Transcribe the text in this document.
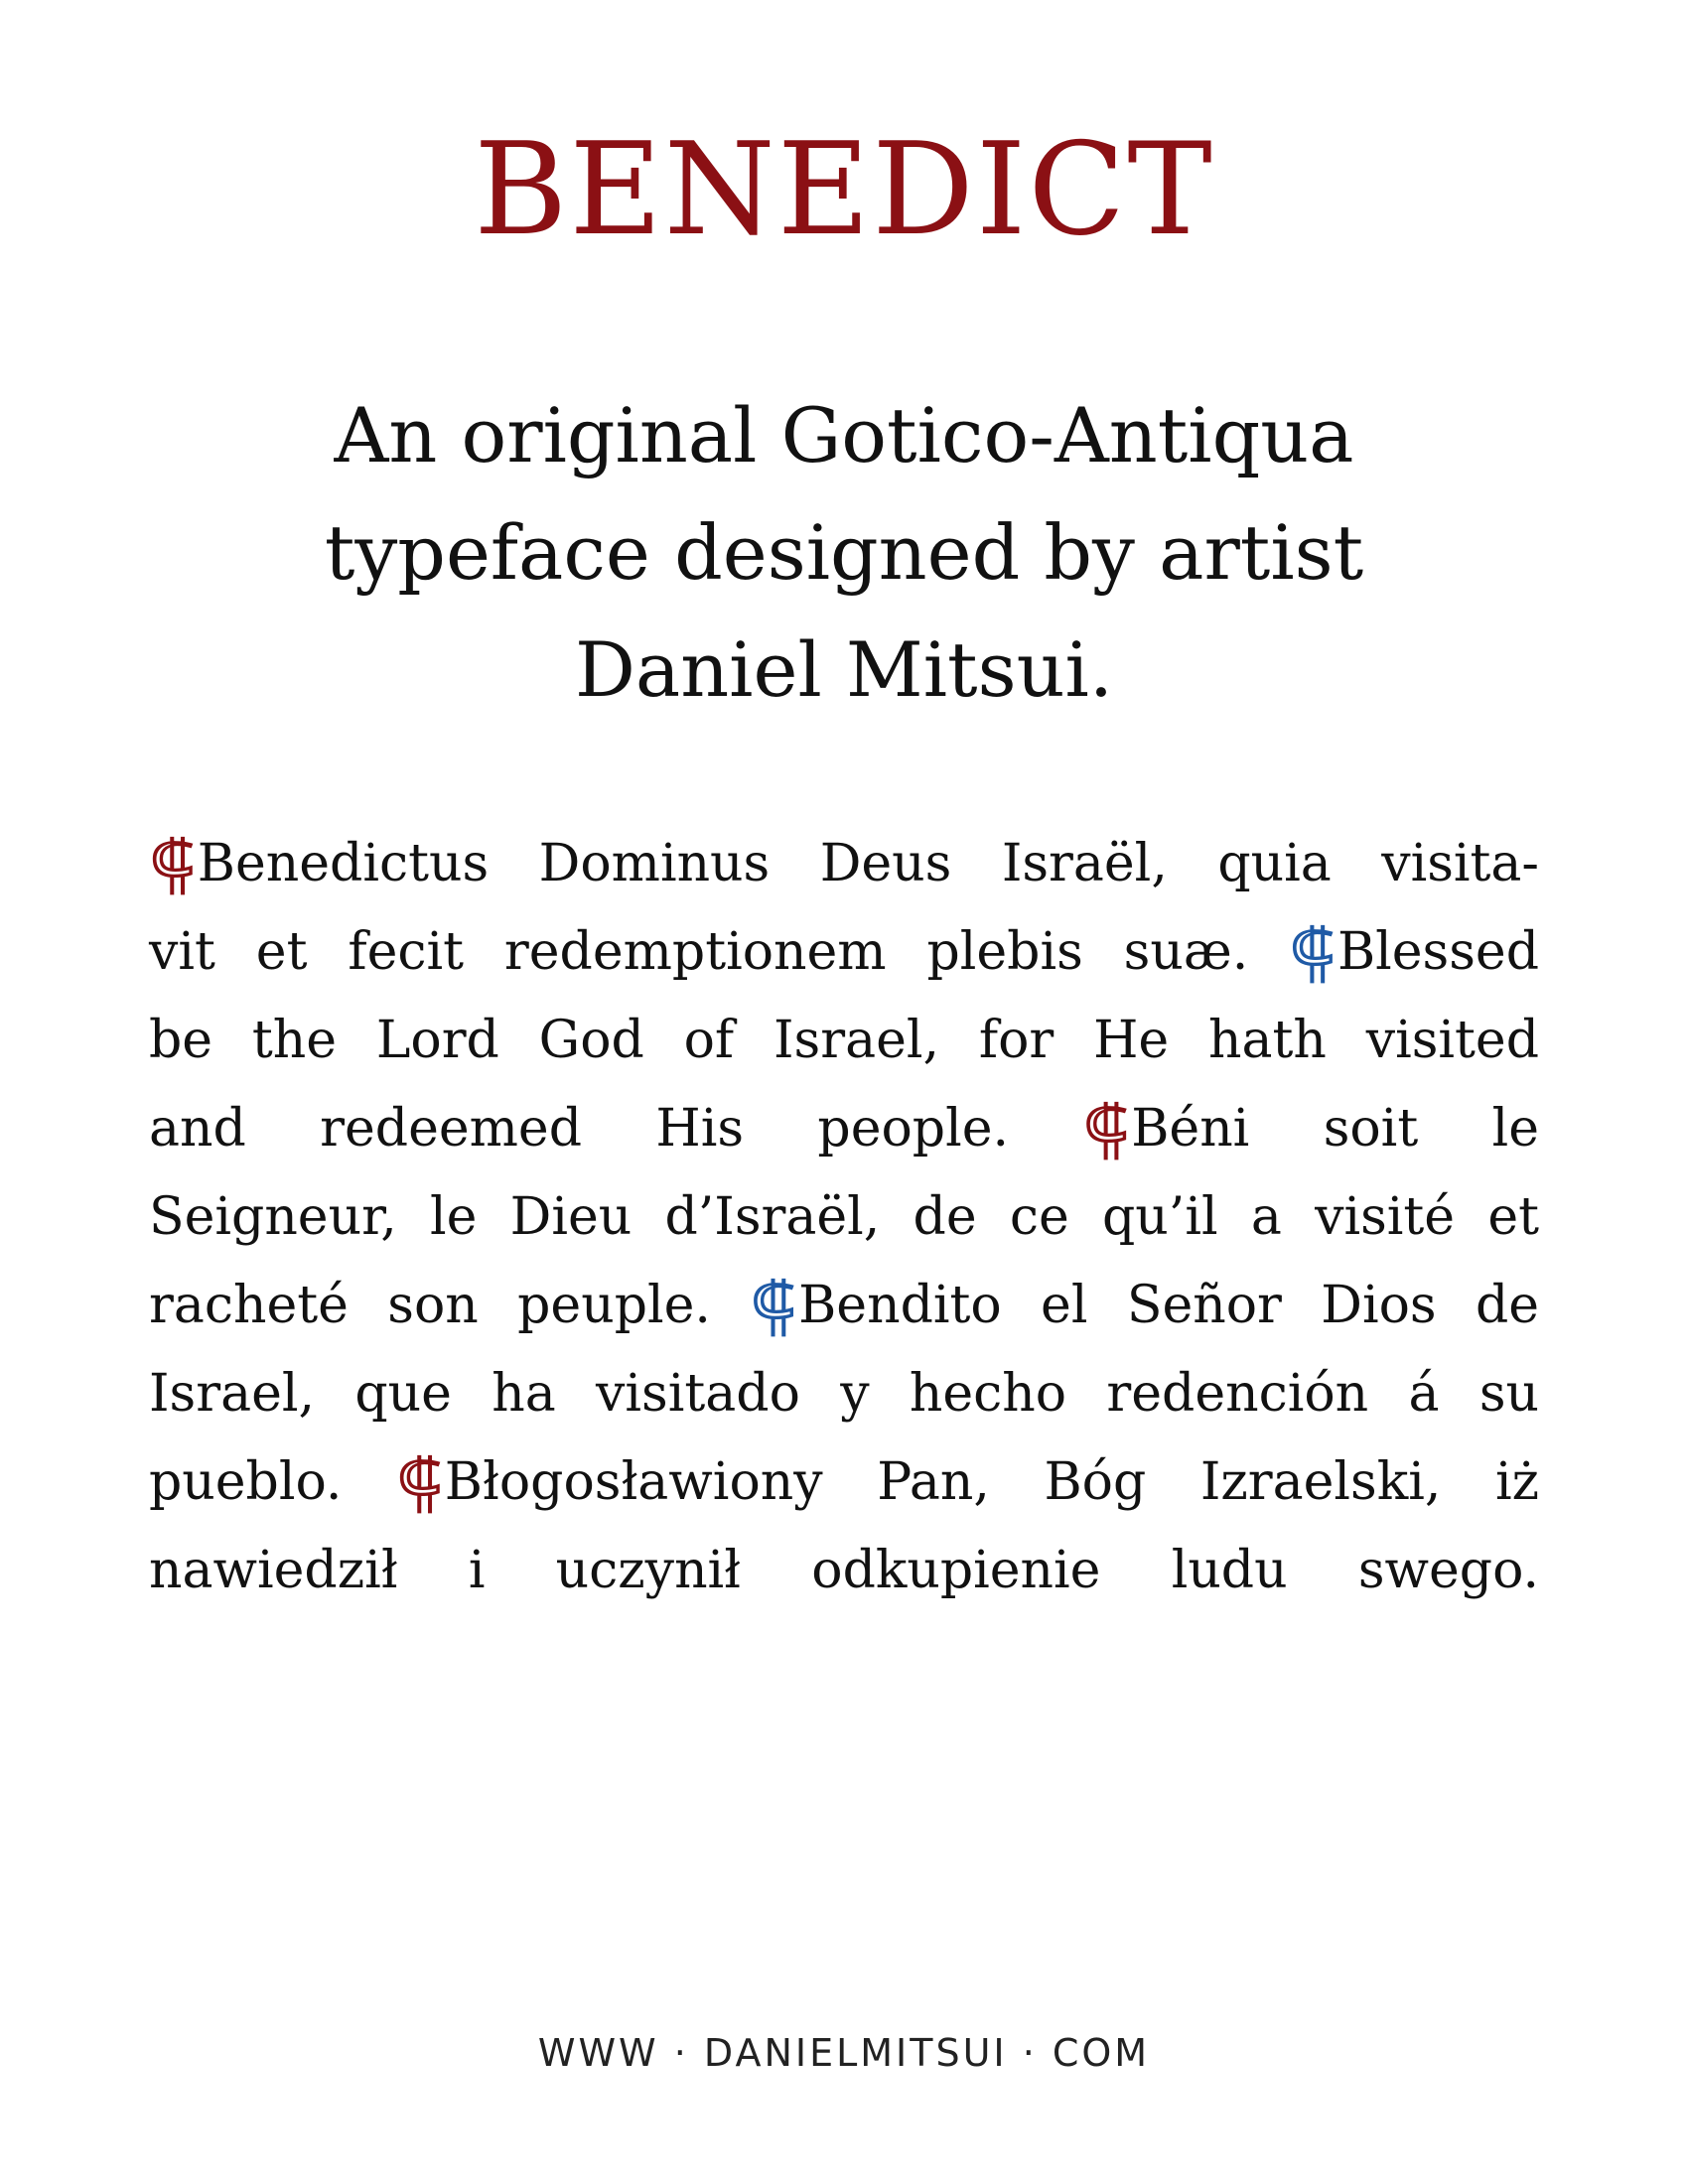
BENEDICT
An original Gotico-Antiqua
typeface designed by artist
Daniel Mitsui.
⸿Benedictus Dominus Deus Israël, quia visita-
vit et fecit redemptionem plebis suæ. ⸿Blessed
be the Lord God of Israel, for He hath visited
and redeemed His people. ⸿Béni soit le
Seigneur, le Dieu d’Israël, de ce qu’il a visité et
racheté son peuple. ⸿Bendito el Señor Dios de
Israel, que ha visitado y hecho redención á su
pueblo. ⸿Błogosławiony Pan, Bóg Izraelski, iż
nawiedził i uczynił odkupienie ludu swego.
WWW · DANIELMITSUI · COM
